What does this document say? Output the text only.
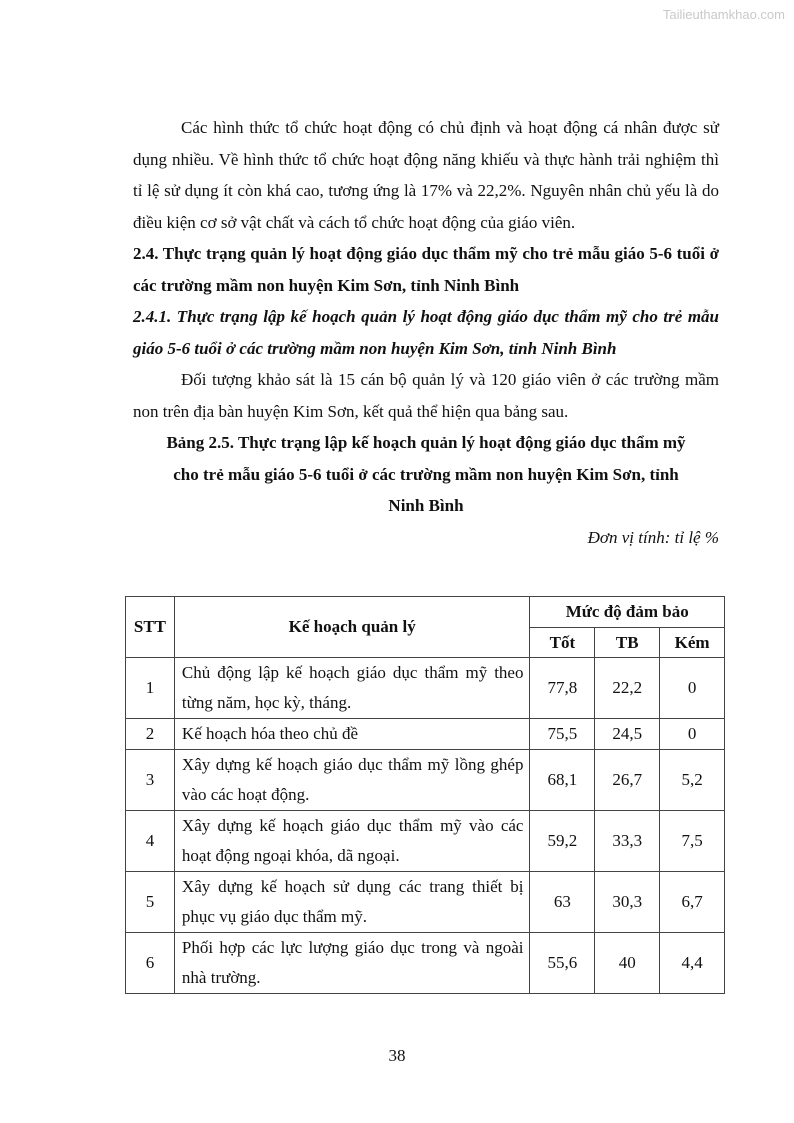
Tailieuthamkhao.com

Các hình thức tổ chức hoạt động có chủ định và hoạt động cá nhân được sử dụng nhiều. Về hình thức tổ chức hoạt động năng khiếu và thực hành trải nghiệm thì tỉ lệ sử dụng ít còn khá cao, tương ứng là 17% và 22,2%. Nguyên nhân chủ yếu là do điều kiện cơ sở vật chất và cách tổ chức hoạt động của giáo viên.

2.4. Thực trạng quản lý hoạt động giáo dục thẩm mỹ cho trẻ mẫu giáo 5-6 tuổi ở các trường mầm non huyện Kim Sơn, tỉnh Ninh Bình

2.4.1. Thực trạng lập kế hoạch quản lý hoạt động giáo dục thẩm mỹ cho trẻ mẫu giáo 5-6 tuổi ở các trường mầm non huyện Kim Sơn, tỉnh Ninh Bình

Đối tượng khảo sát là 15 cán bộ quản lý và 120 giáo viên ở các trường mầm non trên địa bàn huyện Kim Sơn, kết quả thể hiện qua bảng sau.

Bảng 2.5. Thực trạng lập kế hoạch quản lý hoạt động giáo dục thẩm mỹ

cho trẻ mẫu giáo 5-6 tuổi ở các trường mầm non huyện Kim Sơn, tỉnh

Ninh Bình

Đơn vị tính: tỉ lệ %

STT	Kế hoạch quản lý	Mức độ đảm bảo		
		Tốt	TB	Kém
1	Chủ động lập kế hoạch giáo dục thẩm mỹ theo từng năm, học kỳ, tháng.	77,8	22,2	0
2	Kế hoạch hóa theo chủ đề	75,5	24,5	0
3	Xây dựng kế hoạch giáo dục thẩm mỹ lồng ghép vào các hoạt động.	68,1	26,7	5,2
4	Xây dựng kế hoạch giáo dục thẩm mỹ vào các hoạt động ngoại khóa, dã ngoại.	59,2	33,3	7,5
5	Xây dựng kế hoạch sử dụng các trang thiết bị phục vụ giáo dục thẩm mỹ.	63	30,3	6,7
6	Phối hợp các lực lượng giáo dục trong và ngoài nhà trường.	55,6	40	4,4
38
